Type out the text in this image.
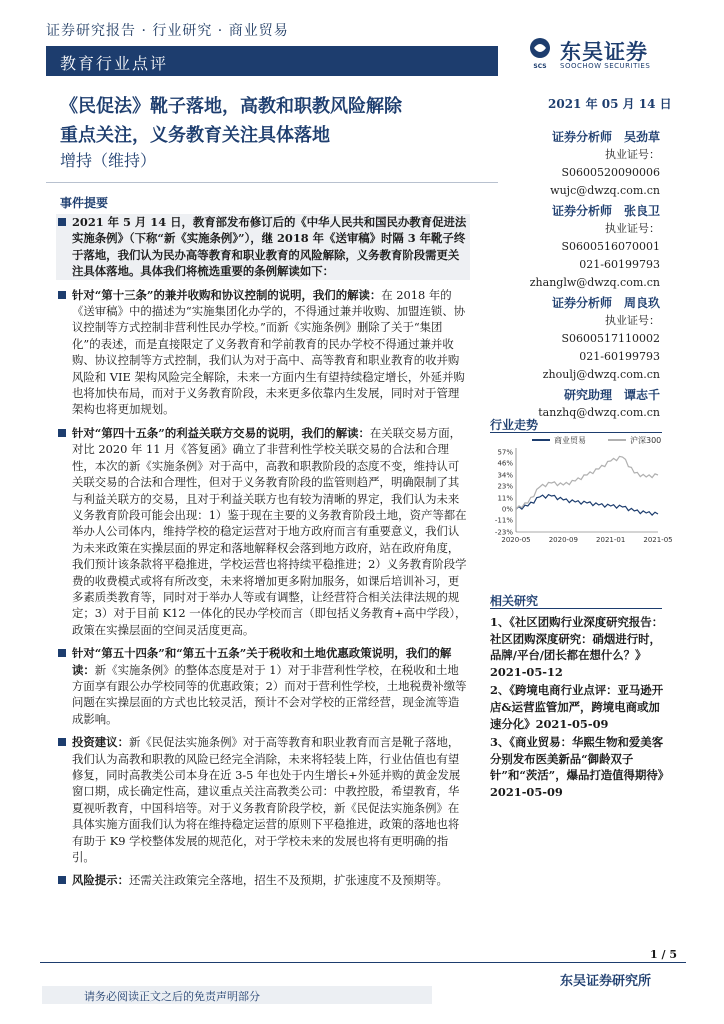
证券研究报告 · 行业研究 · 商业贸易
教育行业点评	SCS
东吴证券
SOOCHOW SECURITIES
《民促法》靴子落地，高教和职教风险解除
重点关注，义务教育关注具体落地
增持（维持）
2021 年 05 月 14 日
证券分析师　吴劲草
执业证号：S0600520090006
wujc@dwzq.com.cn
证券分析师　张良卫
执业证号：S0600516070001
021-60199793
zhanglw@dwzq.com.cn
证券分析师　周良玖
执业证号：S0600517110002
021-60199793
zhoulj@dwzq.com.cn
研究助理　谭志千
tanzhq@dwzq.com.cn
事件提要
2021 年 5 月 14 日，教育部发布修订后的《中华人民共和国民办教育促进法实施条例》（下称“新《实施条例》”），继 2018 年《送审稿》时隔 3 年靴子终于落地，我们认为民办高等教育和职业教育的风险解除，义务教育阶段需更关注具体落地。具体我们将梳选重要的条例解读如下：
针对“第十三条”的兼并收购和协议控制的说明，我们的解读：在 2018 年的《送审稿》中的描述为“实施集团化办学的，不得通过兼并收购、加盟连锁、协议控制等方式控制非营利性民办学校。”而新《实施条例》删除了关于“集团化”的表述，而是直接限定了义务教育和学前教育的民办学校不得通过兼并收购、协议控制等方式控制，我们认为对于高中、高等教育和职业教育的收并购风险和 VIE 架构风险完全解除，未来一方面内生有望持续稳定增长，外延并购也将加快布局，而对于义务教育阶段，未来更多依靠内生发展，同时对于管理架构也将更加规划。
针对“第四十五条”的利益关联方交易的说明，我们的解读：在关联交易方面，对比 2020 年 11 月《答复函》确立了非营利性学校关联交易的合法和合理性，本次的新《实施条例》对于高中，高教和职教阶段的态度不变，维持认可关联交易的合法和合理性，但对于义务教育阶段的监管则趋严，明确限制了其与利益关联方的交易，且对于利益关联方也有较为清晰的界定，我们认为未来义务教育阶段可能会出现：1）鉴于现在主要的义务教育阶段土地，资产等都在举办人公司体内，维持学校的稳定运营对于地方政府而言有重要意义，我们认为未来政策在实操层面的界定和落地解释权会落到地方政府，站在政府角度，我们预计该条款将平稳推进，学校运营也将持续平稳推进；2）义务教育阶段学费的收费模式或将有所改变，未来将增加更多附加服务，如课后培训补习，更多素质类教育等，同时对于举办人等或有调整，让经营符合相关法律法规的规定；3）对于目前 K12 一体化的民办学校而言（即包括义务教育+高中学段），政策在实操层面的空间灵活度更高。
针对“第五十四条”和“第五十五条”关于税收和土地优惠政策说明，我们的解读：新《实施条例》的整体态度是对于 1）对于非营利性学校，在税收和土地方面享有跟公办学校同等的优惠政策；2）而对于营利性学校，土地税费补缴等问题在实操层面的方式也比较灵活，预计不会对学校的正常经营，现金流等造成影响。
投资建议：新《民促法实施条例》对于高等教育和职业教育而言是靴子落地，我们认为高教和职教的风险已经完全消除，未来将轻装上阵，行业估值也有望修复，同时高教类公司本身在近 3-5 年也处于内生增长+外延并购的黄金发展窗口期，成长确定性高，建议重点关注高教类公司：中教控股，希望教育，华夏视听教育，中国科培等。对于义务教育阶段学校，新《民促法实施条例》在具体实施方面我们认为将在维持稳定运营的原则下平稳推进，政策的落地也将有助于 K9 学校整体发展的规范化，对于学校未来的发展也将有更明确的指引。
风险提示：还需关注政策完全落地，招生不及预期，扩张速度不及预期等。
行业走势
商业贸易	沪深300
57%
46%
34%
23%
11%
0%
-11%
-23%
2020-05	2020-09	2021-01	2021-05
相关研究
1、《社区团购行业深度研究报告：社区团购深度研究：硝烟进行时，品牌/平台/团长都在想什么？》2021-05-12
2、《跨境电商行业点评：亚马逊开店&运营监管加严，跨境电商或加速分化》2021-05-09
3、《商业贸易：华熙生物和爱美客分别发布医美新品“御龄双子针”和“茨活”，爆品打造值得期待》2021-05-09
1 / 5
东吴证券研究所
请务必阅读正文之后的免责声明部分
